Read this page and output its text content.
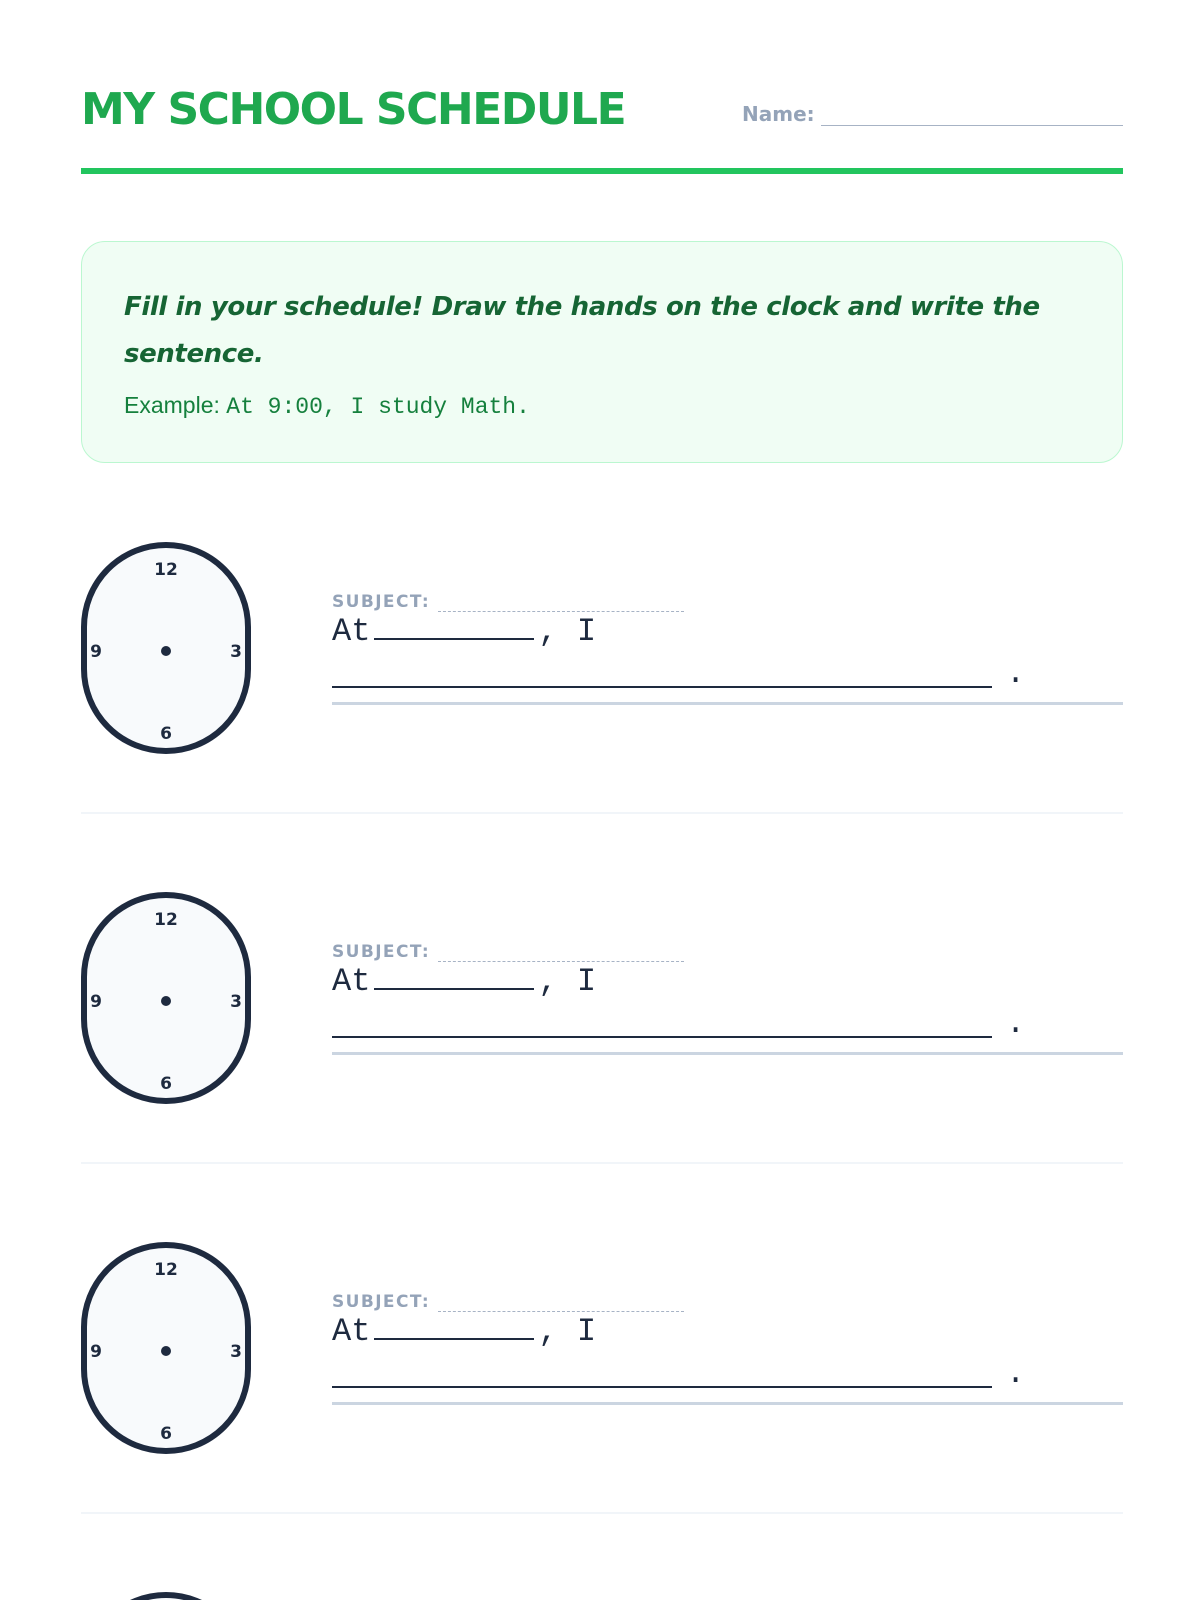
MY SCHOOL SCHEDULE	Name:

Fill in your schedule! Draw the hands on the clock and write the sentence.

Example: At 9:00, I study Math.
12
3
6
9
SUBJECT:
At	, I
.
12
3
6
9
SUBJECT:
At	, I
.
12
3
6
9
SUBJECT:
At	, I
.
